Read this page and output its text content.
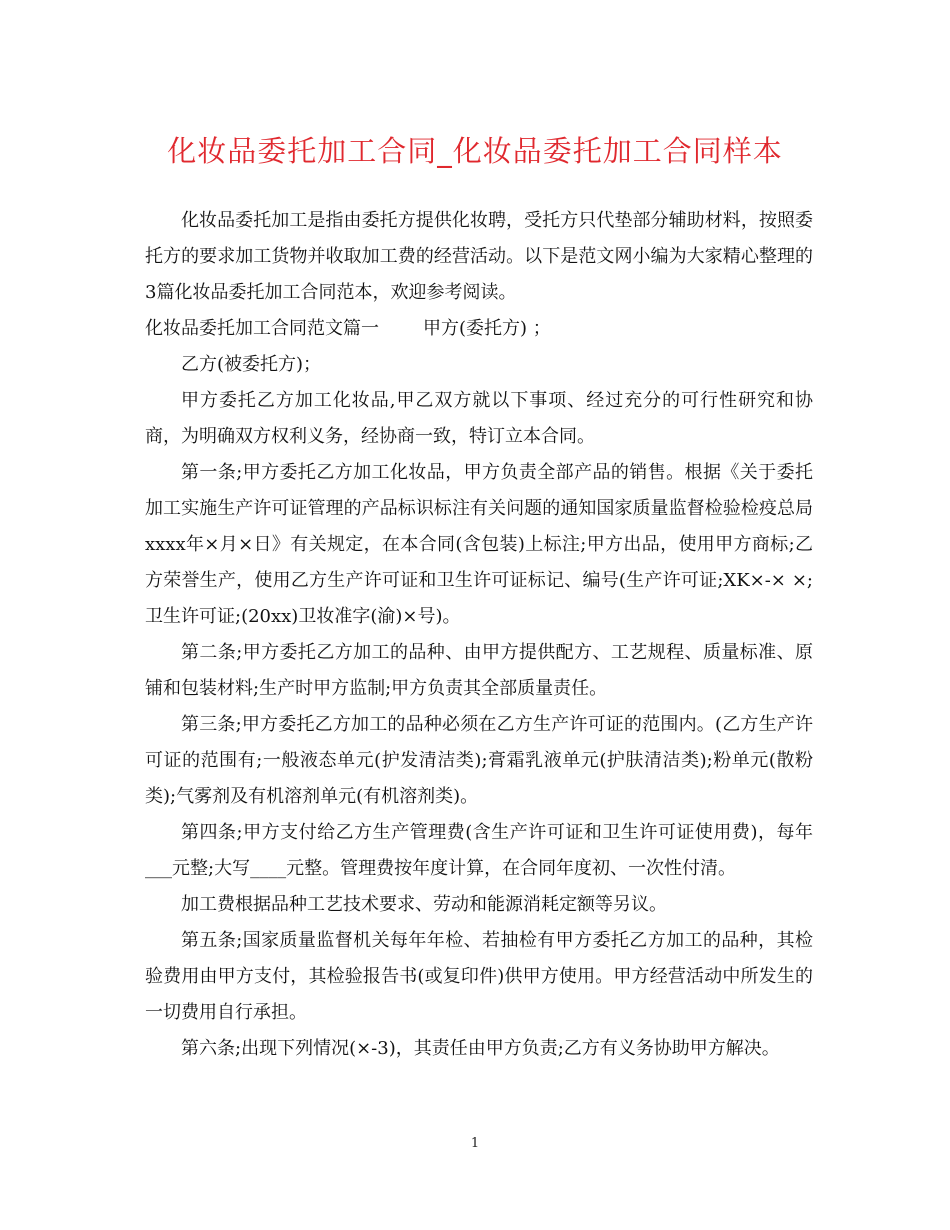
化妆品委托加工合同_化妆品委托加工合同样本

化妆品委托加工是指由委托方提供化妆聘，受托方只代垫部分辅助材料，按照委托方的要求加工货物并收取加工费的经营活动。以下是范文网小编为大家精心整理的3篇化妆品委托加工合同范本，欢迎参考阅读。

化妆品委托加工合同范文篇一 甲方(委托方) ；

乙方(被委托方)；

甲方委托乙方加工化妆品,甲乙双方就以下事项、经过充分的可行性研究和协商，为明确双方权利义务，经协商一致，特订立本合同。

第一条;甲方委托乙方加工化妆品，甲方负责全部产品的销售。根据《关于委托加工实施生产许可证管理的产品标识标注有关问题的通知国家质量监督检验检疫总局xxxx年×月×日》有关规定，在本合同(含包装)上标注;甲方出品，使用甲方商标;乙方荣誉生产，使用乙方生产许可证和卫生许可证标记、编号(生产许可证;XK×-× ×;卫生许可证;(20xx)卫妆准字(渝)×号)。

第二条;甲方委托乙方加工的品种、由甲方提供配方、工艺规程、质量标准、原铺和包装材料;生产时甲方监制;甲方负责其全部质量责任。

第三条;甲方委托乙方加工的品种必须在乙方生产许可证的范围内。(乙方生产许可证的范围有;一般液态单元(护发清洁类);膏霜乳液单元(护肤清洁类);粉单元(散粉类);气雾剂及有机溶剂单元(有机溶剂类)。

第四条;甲方支付给乙方生产管理费(含生产许可证和卫生许可证使用费)，每年___元整;大写____元整。管理费按年度计算，在合同年度初、一次性付清。

加工费根据品种工艺技术要求、劳动和能源消耗定额等另议。

第五条;国家质量监督机关每年年检、若抽检有甲方委托乙方加工的品种，其检验费用由甲方支付，其检验报告书(或复印件)供甲方使用。甲方经营活动中所发生的一切费用自行承担。

第六条;出现下列情况(×-3)，其责任由甲方负责;乙方有义务协助甲方解决。

1
